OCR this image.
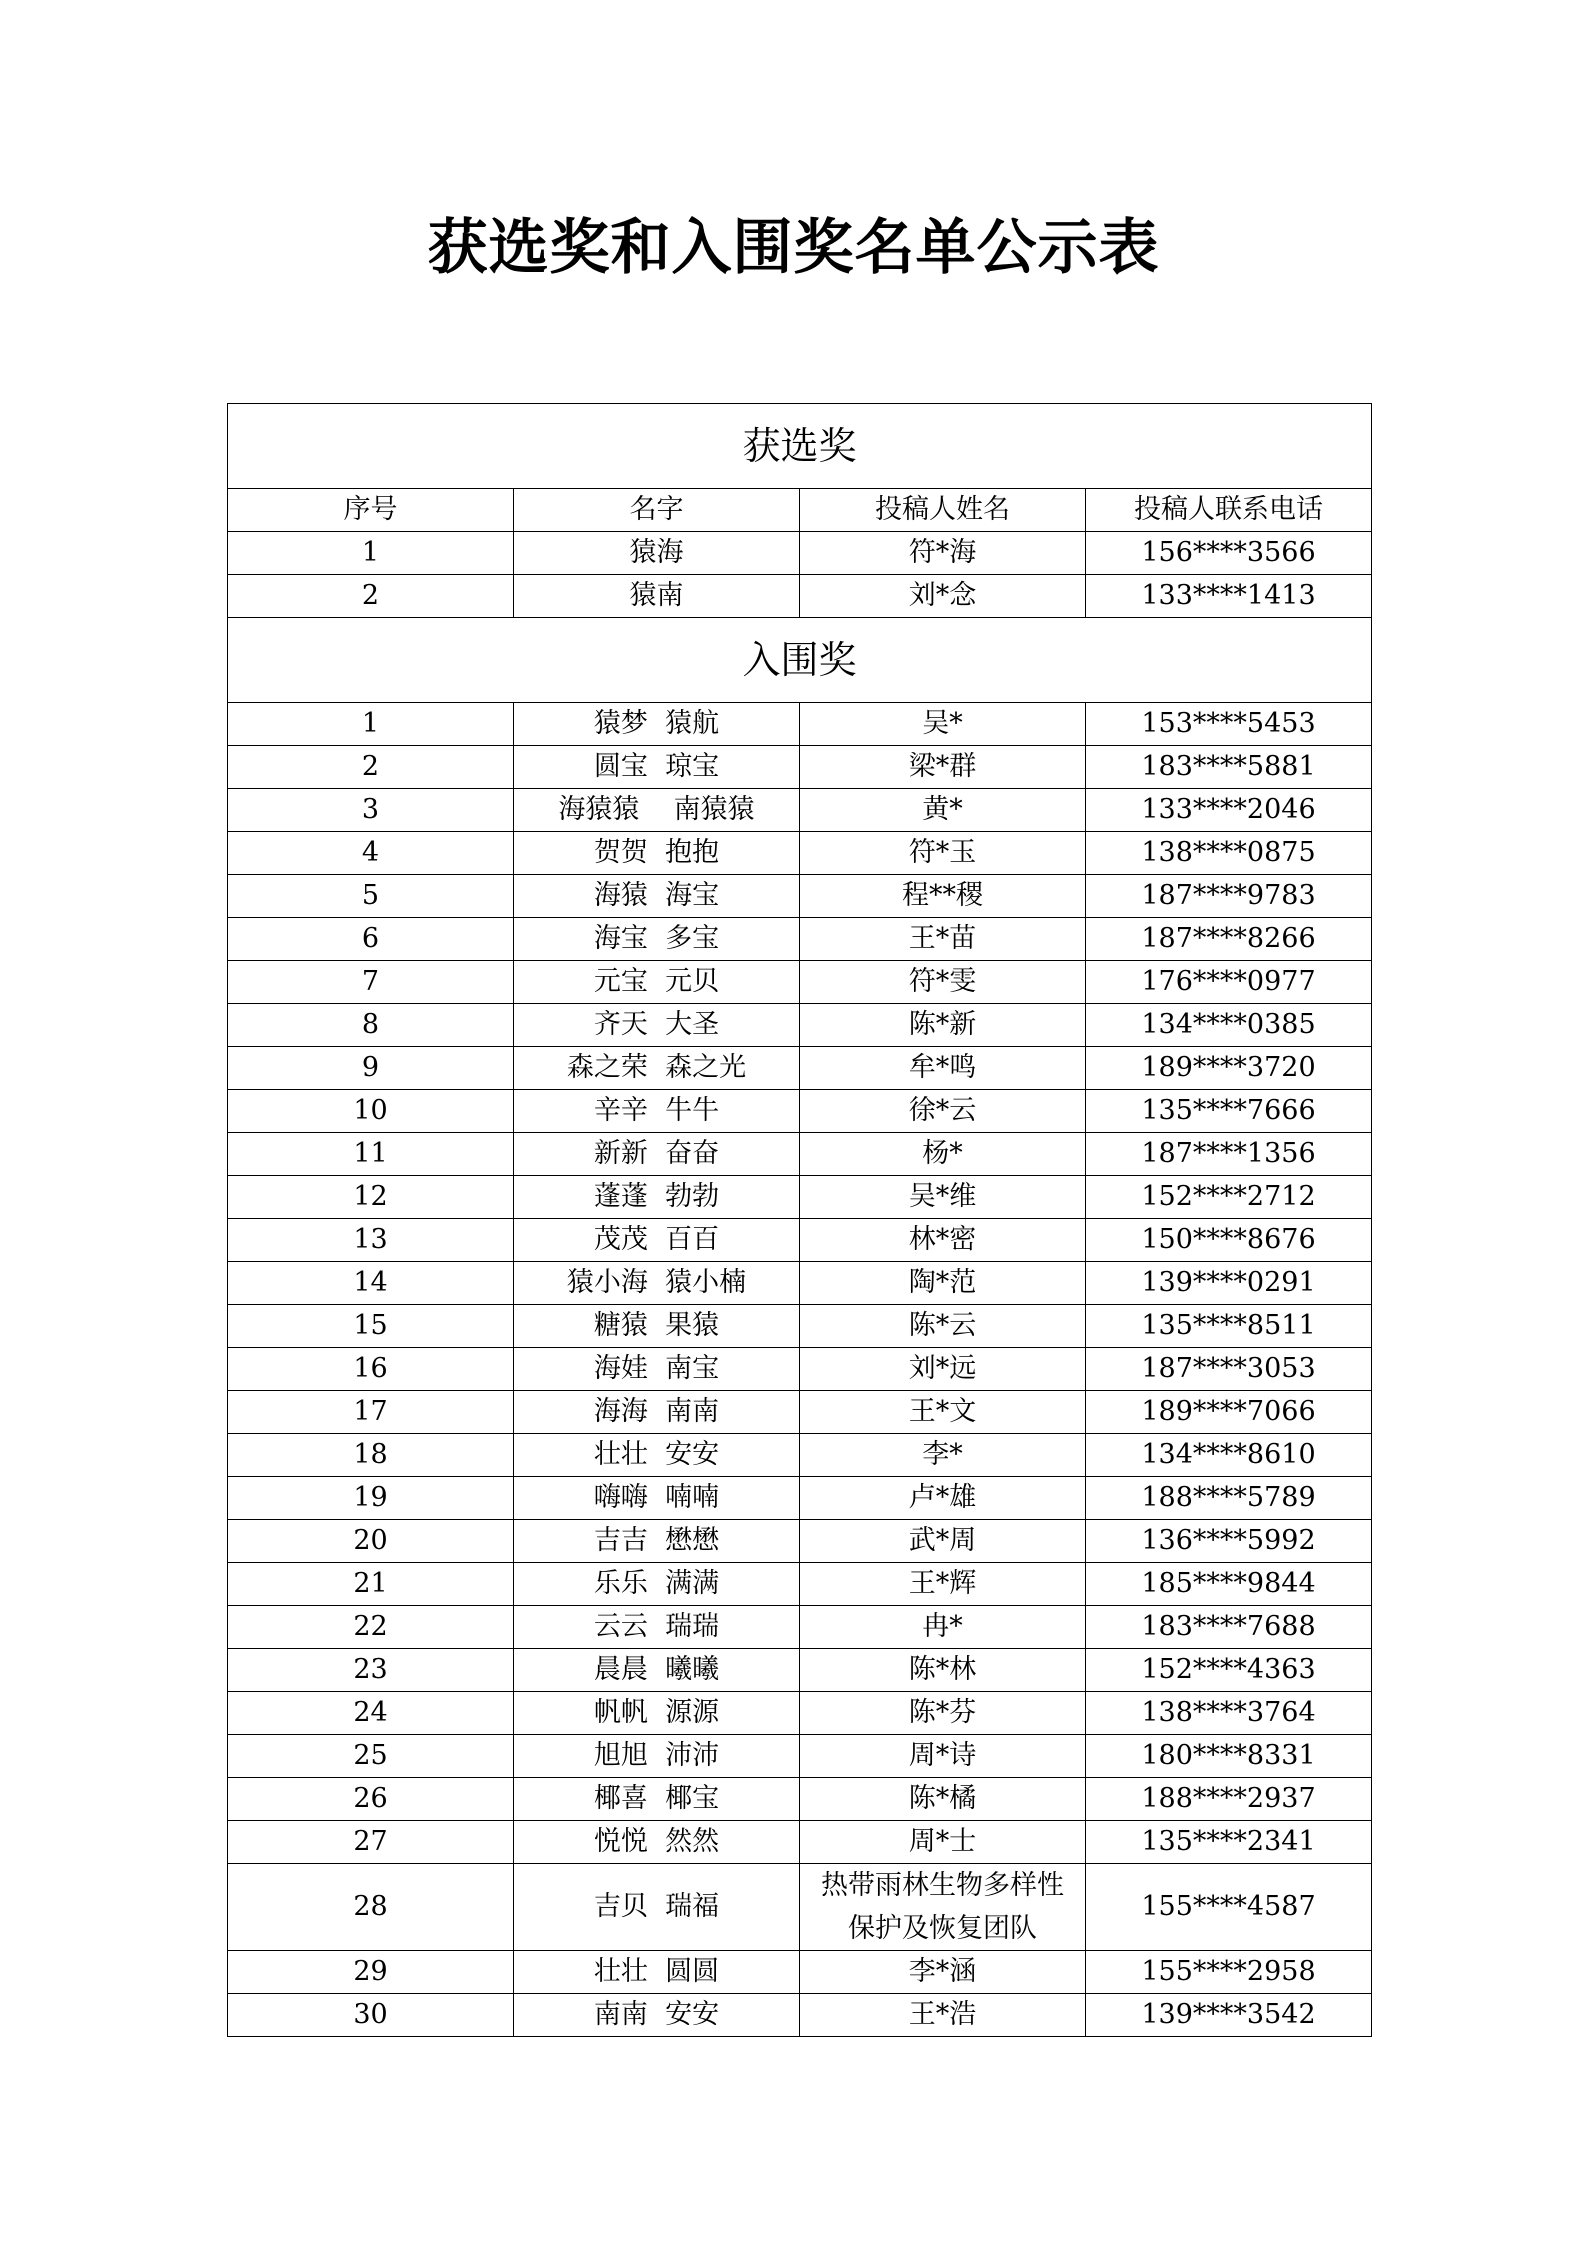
获选奖和入围奖名单公示表
获选奖			
序号	名字	投稿人姓名	投稿人联系电话
1	猿海	符*海	156****3566
2	猿南	刘*念	133****1413
入围奖			
1	猿梦  猿航	吴*	153****5453
2	圆宝  琼宝	梁*群	183****5881
3	海猿猿    南猿猿	黄*	133****2046
4	贺贺  抱抱	符*玉	138****0875
5	海猿  海宝	程**稷	187****9783
6	海宝  多宝	王*苗	187****8266
7	元宝  元贝	符*雯	176****0977
8	齐天  大圣	陈*新	134****0385
9	森之荣  森之光	牟*鸣	189****3720
10	辛辛  牛牛	徐*云	135****7666
11	新新  奋奋	杨*	187****1356
12	蓬蓬  勃勃	吴*维	152****2712
13	茂茂  百百	林*密	150****8676
14	猿小海  猿小楠	陶*范	139****0291
15	糖猿  果猿	陈*云	135****8511
16	海娃  南宝	刘*远	187****3053
17	海海  南南	王*文	189****7066
18	壮壮  安安	李*	134****8610
19	嗨嗨  喃喃	卢*雄	188****5789
20	吉吉  懋懋	武*周	136****5992
21	乐乐  满满	王*辉	185****9844
22	云云  瑞瑞	冉*	183****7688
23	晨晨  曦曦	陈*林	152****4363
24	帆帆  源源	陈*芬	138****3764
25	旭旭  沛沛	周*诗	180****8331
26	椰喜  椰宝	陈*橘	188****2937
27	悦悦  然然	周*士	135****2341
28	吉贝  瑞福	热带雨林生物多样性保护及恢复团队	155****4587
29	壮壮  圆圆	李*涵	155****2958
30	南南  安安	王*浩	139****3542
